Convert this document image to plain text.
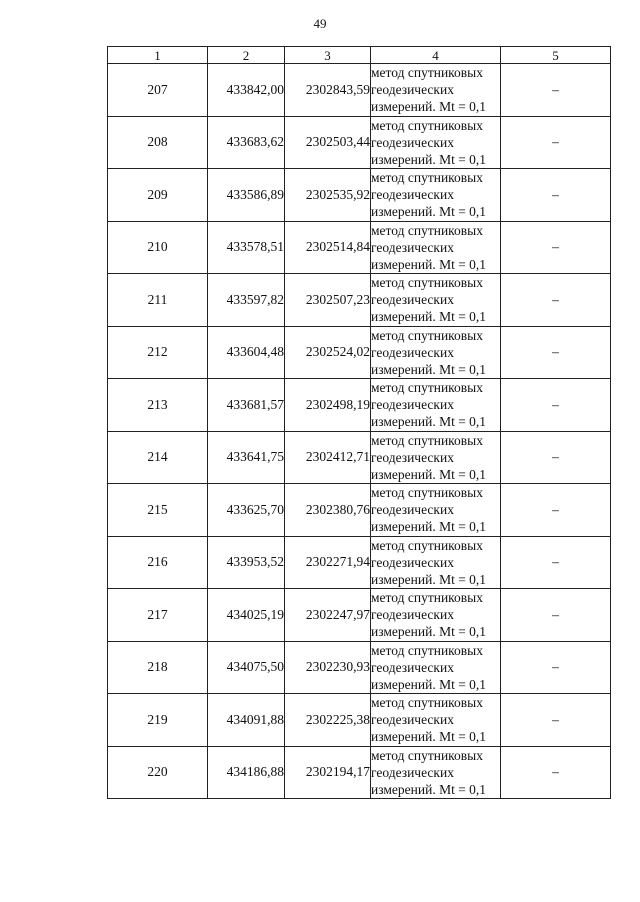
49
1	2	3	4	5
207	433842,00	2302843,59	метод спутниковых
геодезических
измерений. Mt = 0,1	–
208	433683,62	2302503,44	метод спутниковых
геодезических
измерений. Mt = 0,1	–
209	433586,89	2302535,92	метод спутниковых
геодезических
измерений. Mt = 0,1	–
210	433578,51	2302514,84	метод спутниковых
геодезических
измерений. Mt = 0,1	–
211	433597,82	2302507,23	метод спутниковых
геодезических
измерений. Mt = 0,1	–
212	433604,48	2302524,02	метод спутниковых
геодезических
измерений. Mt = 0,1	–
213	433681,57	2302498,19	метод спутниковых
геодезических
измерений. Mt = 0,1	–
214	433641,75	2302412,71	метод спутниковых
геодезических
измерений. Mt = 0,1	–
215	433625,70	2302380,76	метод спутниковых
геодезических
измерений. Mt = 0,1	–
216	433953,52	2302271,94	метод спутниковых
геодезических
измерений. Mt = 0,1	–
217	434025,19	2302247,97	метод спутниковых
геодезических
измерений. Mt = 0,1	–
218	434075,50	2302230,93	метод спутниковых
геодезических
измерений. Mt = 0,1	–
219	434091,88	2302225,38	метод спутниковых
геодезических
измерений. Mt = 0,1	–
220	434186,88	2302194,17	метод спутниковых
геодезических
измерений. Mt = 0,1	–
